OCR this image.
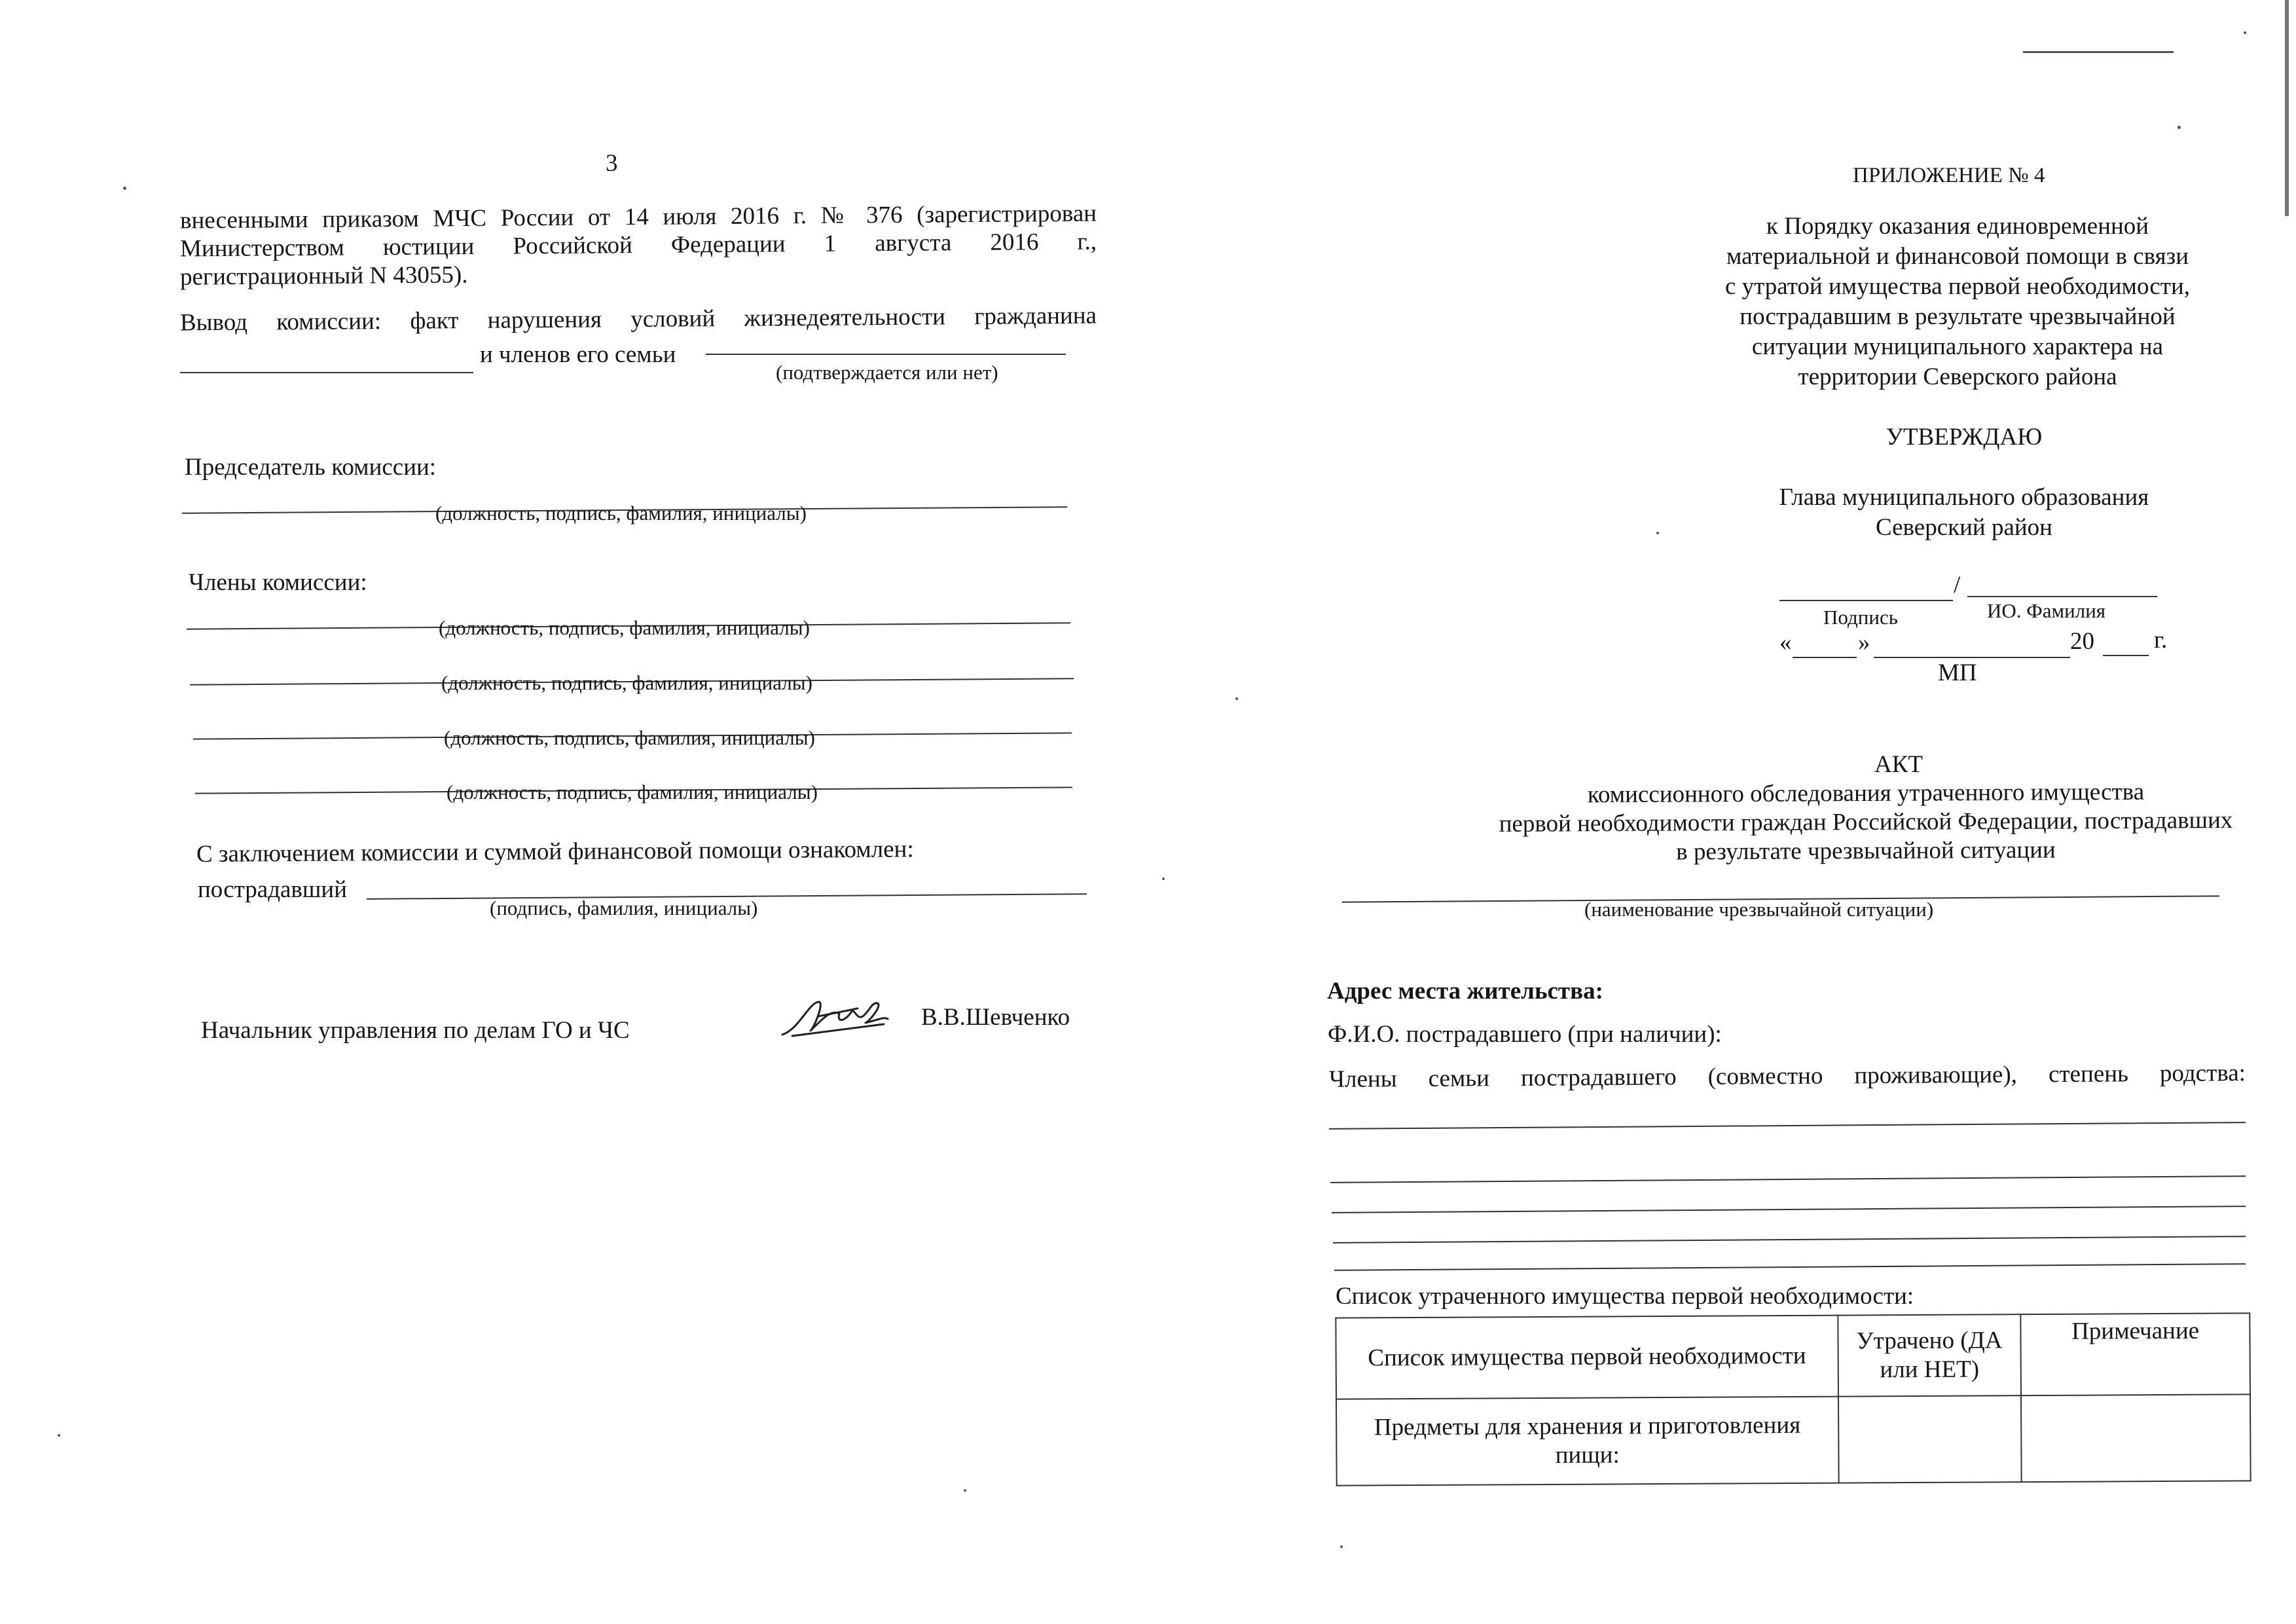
3
внесенными приказом МЧС России от 14 июля 2016 г. № 376 (зарегистрирован
Министерством юстиции Российской Федерации 1 августа 2016 г.,
регистрационный N 43055).
Вывод комиссии: факт нарушения условий жизнедеятельности гражданина
и членов его семьи
(подтверждается или нет)
Председатель комиссии:
(должность, подпись, фамилия, инициалы)
Члены комиссии:
(должность, подпись, фамилия, инициалы)
(должность, подпись, фамилия, инициалы)
(должность, подпись, фамилия, инициалы)
(должность, подпись, фамилия, инициалы)
С заключением комиссии и суммой финансовой помощи ознакомлен:
пострадавший
(подпись, фамилия, инициалы)
Начальник управления по делам ГО и ЧС	В.В.Шевченко
ПРИЛОЖЕНИЕ № 4
к Порядку оказания единовременной
материальной и финансовой помощи в связи
с утратой имущества первой необходимости,
пострадавшим в результате чрезвычайной
ситуации муниципального характера на
территории Северского района
УТВЕРЖДАЮ
Глава муниципального образования
Северский район
/
Подпись	ИО. Фамилия
«	»	20 г.
МП
АКТ
комиссионного обследования утраченного имущества
первой необходимости граждан Российской Федерации, пострадавших
в результате чрезвычайной ситуации
(наименование чрезвычайной ситуации)
Адрес места жительства:
Ф.И.О. пострадавшего (при наличии):
Члены семьи пострадавшего (совместно проживающие), степень родства:
Список утраченного имущества первой необходимости:
Список имущества первой необходимости	Утрачено (ДА или НЕТ)	Примечание
Предметы для хранения и приготовления пищи:		
